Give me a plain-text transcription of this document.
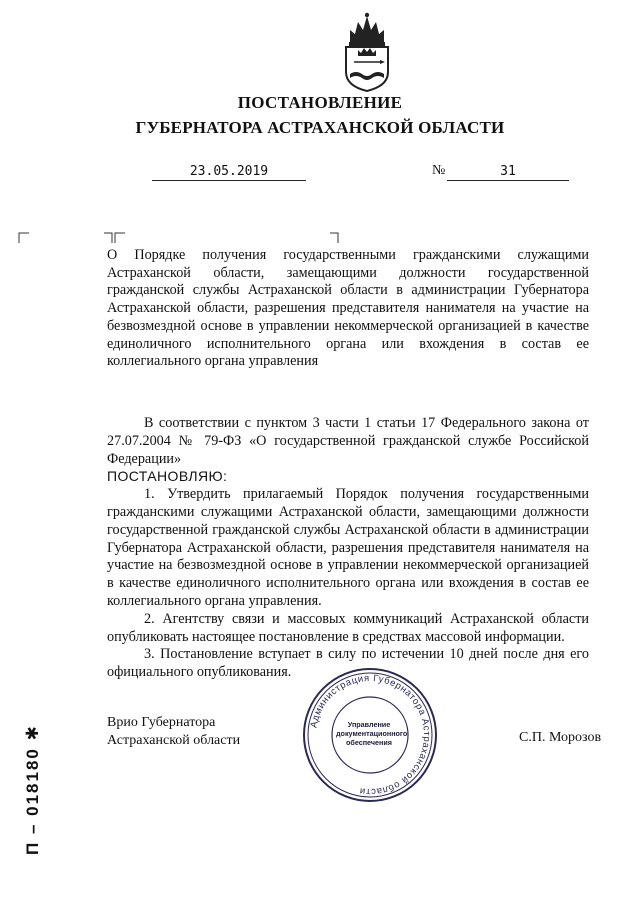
ПОСТАНОВЛЕНИЕ
ГУБЕРНАТОРА АСТРАХАНСКОЙ ОБЛАСТИ
23.05.2019	№	31
О Порядке получения государственными гражданскими служащими Астраханской области, замещающими должности государственной гражданской службы Астраханской области в администрации Губернатора Астраханской области, разрешения представителя нанимателя на участие на безвозмездной основе в управлении некоммерческой организацией в качестве единоличного исполнительного органа или вхождения в состав ее коллегиального органа управления

В соответствии с пунктом 3 части 1 статьи 17 Федерального закона от 27.07.2004 № 79-ФЗ «О государственной гражданской службе Российской Федерации»

ПОСТАНОВЛЯЮ:

1. Утвердить прилагаемый Порядок получения государственными гражданскими служащими Астраханской области, замещающими должности государственной гражданской службы Астраханской области в администрации Губернатора Астраханской области, разрешения представителя нанимателя на участие на безвозмездной основе в управлении некоммерческой организацией в качестве единоличного исполнительного органа или вхождения в состав ее коллегиального органа управления.

2. Агентству связи и массовых коммуникаций Астраханской области опубликовать настоящее постановление в средствах массовой информации.

3. Постановление вступает в силу по истечении 10 дней после дня его официального опубликования.

Врио Губернатора
Астраханской области	С.П. Морозов
Администрация Губернатора Астраханской области
Управление
документационного
обеспечения
П – 018180 ✱
